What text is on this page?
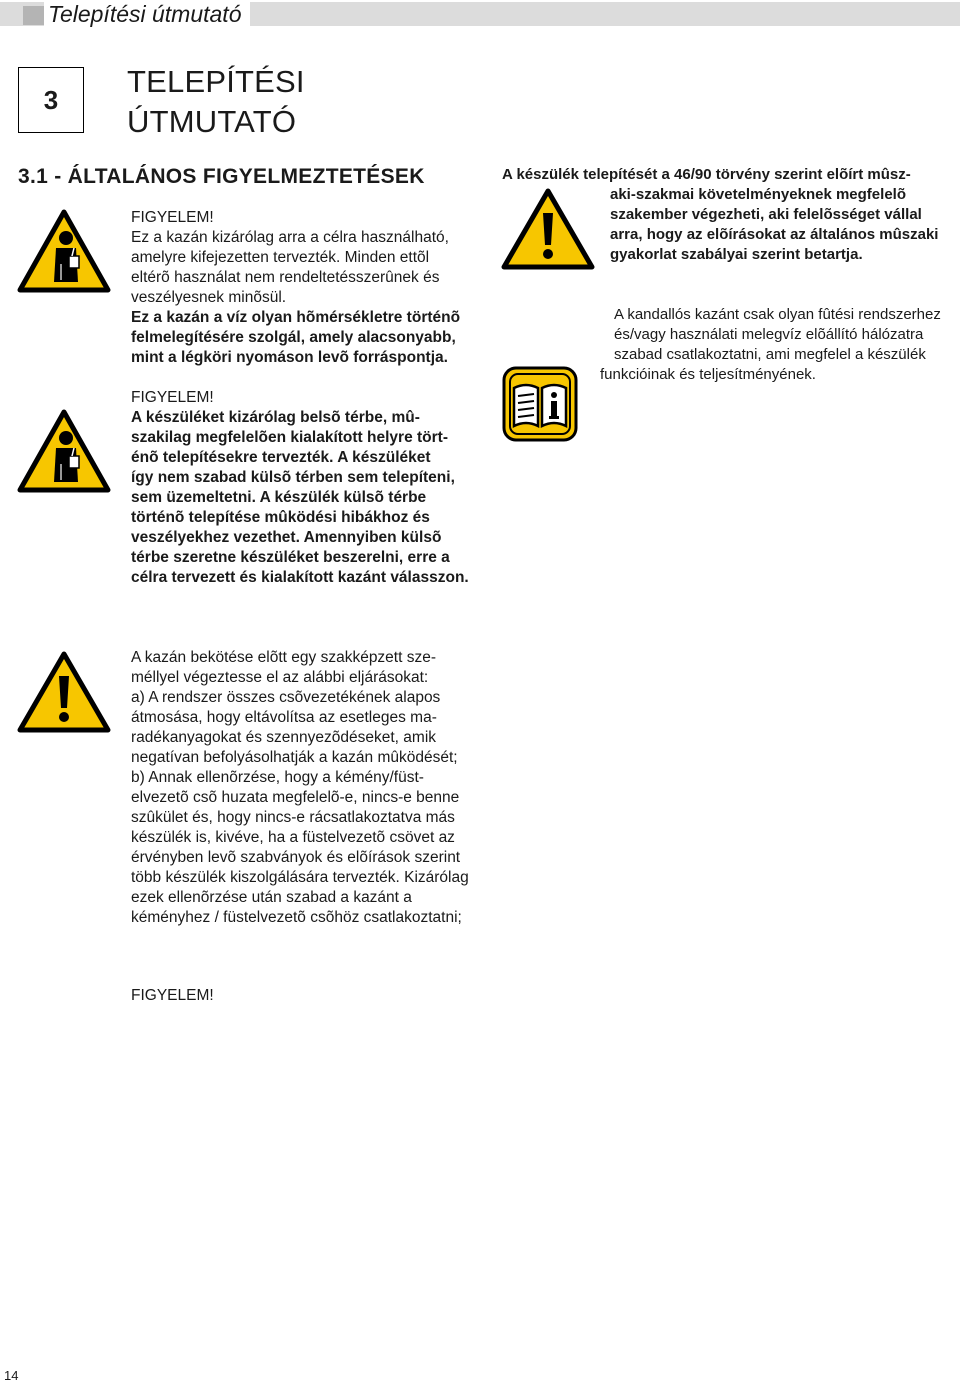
Telepítési útmutató
3
TELEPÍTÉSI
ÚTMUTATÓ
3.1 - ÁLTALÁNOS FIGYELMEZTETÉSEK

FIGYELEM!

Ez a kazán kizárólag arra a célra használható,

amelyre kifejezetten tervezték. Minden ettõl

eltérõ használat nem rendeltetésszerûnek és

veszélyesnek minõsül.

Ez a kazán a víz olyan hõmérsékletre történõ

felmelegítésére szolgál, amely alacsonyabb,

mint a légköri nyomáson levõ forráspontja.

FIGYELEM!

A készüléket kizárólag belsõ térbe, mû-

szakilag megfelelõen kialakított helyre tört-

énõ telepítésekre tervezték. A készüléket

így nem szabad külsõ térben sem telepíteni,

sem üzemeltetni. A készülék külsõ térbe

történõ telepítése mûködési hibákhoz és

veszélyekhez vezethet. Amennyiben külsõ

térbe szeretne készüléket beszerelni, erre a

célra tervezett és kialakított kazánt válasszon.

A készülék telepítését a 46/90 törvény szerint elõírt mûsz-

aki-szakmai követelményeknek megfelelõ

szakember végezheti, aki felelõsséget vállal

arra, hogy az elõírásokat az általános mûszaki

gyakorlat szabályai szerint betartja.

A kandallós kazánt csak olyan fûtési rendszerhez

és/vagy használati melegvíz elõállító hálózatra

szabad csatlakoztatni, ami megfelel a készülék

funkcióinak és teljesítményének.

A kazán bekötése elõtt egy szakképzett sze-

méllyel végeztesse el az alábbi eljárásokat:

a) A rendszer összes csõvezetékének alapos

átmosása, hogy eltávolítsa az esetleges ma-

radékanyagokat és szennyezõdéseket, amik

negatívan befolyásolhatják a kazán mûködését;

b) Annak ellenõrzése, hogy a kémény/füst-

elvezetõ csõ huzata megfelelõ-e, nincs-e benne

szûkület és, hogy nincs-e rácsatlakoztatva más

készülék is, kivéve, ha a füstelvezetõ csövet az

érvényben levõ szabványok és elõírások szerint

több készülék kiszolgálására tervezték. Kizárólag

ezek ellenõrzése után szabad a kazánt a

kéményhez / füstelvezetõ csõhöz csatlakoztatni;

FIGYELEM!
14
